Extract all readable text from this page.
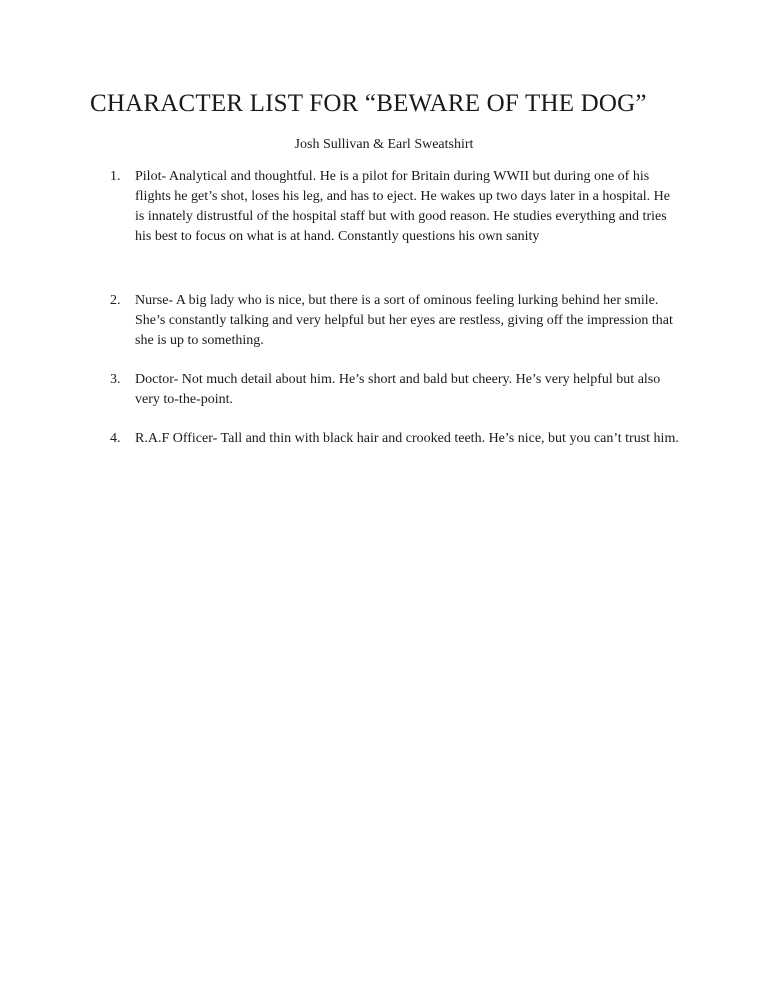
CHARACTER LIST FOR “BEWARE OF THE DOG”

Josh Sullivan & Earl Sweatshirt

1. Pilot- Analytical and thoughtful. He is a pilot for Britain during WWII but during one of his flights he get’s shot, loses his leg, and has to eject. He wakes up two days later in a hospital. He is innately distrustful of the hospital staff but with good reason. He studies everything and tries his best to focus on what is at hand. Constantly questions his own sanity
2. Nurse- A big lady who is nice, but there is a sort of ominous feeling lurking behind her smile. She’s constantly talking and very helpful but her eyes are restless, giving off the impression that she is up to something.
3. Doctor- Not much detail about him. He’s short and bald but cheery. He’s very helpful but also very to-the-point.
4. R.A.F Officer- Tall and thin with black hair and crooked teeth. He’s nice, but you can’t trust him.
